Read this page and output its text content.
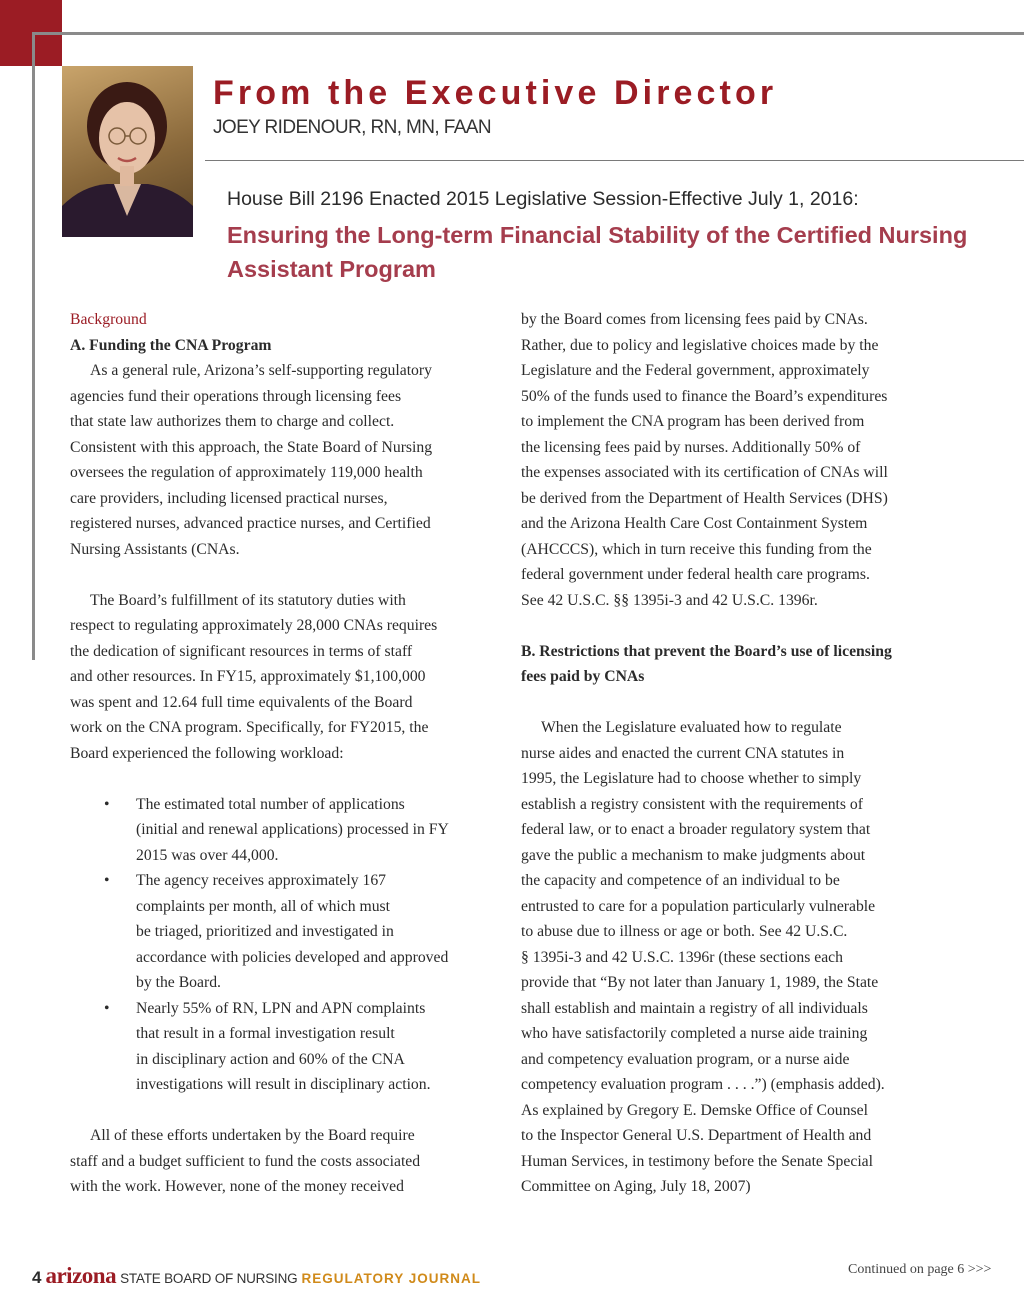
From the Executive Director
JOEY RIDENOUR, RN, MN, FAAN
House Bill 2196 Enacted 2015 Legislative Session-Effective July 1, 2016:
Ensuring the Long-term Financial Stability of the Certified Nursing Assistant Program

Background

A. Funding the CNA Program

As a general rule, Arizona’s self-supporting regulatory
agencies fund their operations through licensing fees
that state law authorizes them to charge and collect.
Consistent with this approach, the State Board of Nursing
oversees the regulation of approximately 119,000 health
care providers, including licensed practical nurses,
registered nurses, advanced practice nurses, and Certified
Nursing Assistants (CNAs.
The Board’s fulfillment of its statutory duties with
respect to regulating approximately 28,000 CNAs requires
the dedication of significant resources in terms of staff
and other resources. In FY15, approximately $1,100,000
was spent and 12.64 full time equivalents of the Board
work on the CNA program. Specifically, for FY2015, the
Board experienced the following workload:
• The estimated total number of applications
(initial and renewal applications) processed in FY
2015 was over 44,000.
• The agency receives approximately 167
complaints per month, all of which must
be triaged, prioritized and investigated in
accordance with policies developed and approved
by the Board.
• Nearly 55% of RN, LPN and APN complaints
that result in a formal investigation result
in disciplinary action and 60% of the CNA
investigations will result in disciplinary action.
All of these efforts undertaken by the Board require
staff and a budget sufficient to fund the costs associated
with the work. However, none of the money received
by the Board comes from licensing fees paid by CNAs.
Rather, due to policy and legislative choices made by the
Legislature and the Federal government, approximately
50% of the funds used to finance the Board’s expenditures
to implement the CNA program has been derived from
the licensing fees paid by nurses. Additionally 50% of
the expenses associated with its certification of CNAs will
be derived from the Department of Health Services (DHS)
and the Arizona Health Care Cost Containment System
(AHCCCS), which in turn receive this funding from the
federal government under federal health care programs.
See 42 U.S.C. §§ 1395i-3 and 42 U.S.C. 1396r.
B. Restrictions that prevent the Board’s use of licensing
fees paid by CNAs
When the Legislature evaluated how to regulate
nurse aides and enacted the current CNA statutes in
1995, the Legislature had to choose whether to simply
establish a registry consistent with the requirements of
federal law, or to enact a broader regulatory system that
gave the public a mechanism to make judgments about
the capacity and competence of an individual to be
entrusted to care for a population particularly vulnerable
to abuse due to illness or age or both. See 42 U.S.C.
§ 1395i-3 and 42 U.S.C. 1396r (these sections each
provide that “By not later than January 1, 1989, the State
shall establish and maintain a registry of all individuals
who have satisfactorily completed a nurse aide training
and competency evaluation program, or a nurse aide
competency evaluation program . . . .”) (emphasis added).
As explained by Gregory E. Demske Office of Counsel
to the Inspector General U.S. Department of Health and
Human Services, in testimony before the Senate Special
Committee on Aging, July 18, 2007)
4 arizona STATE BOARD OF NURSING REGULATORY JOURNAL
Continued on page 6 >>>
